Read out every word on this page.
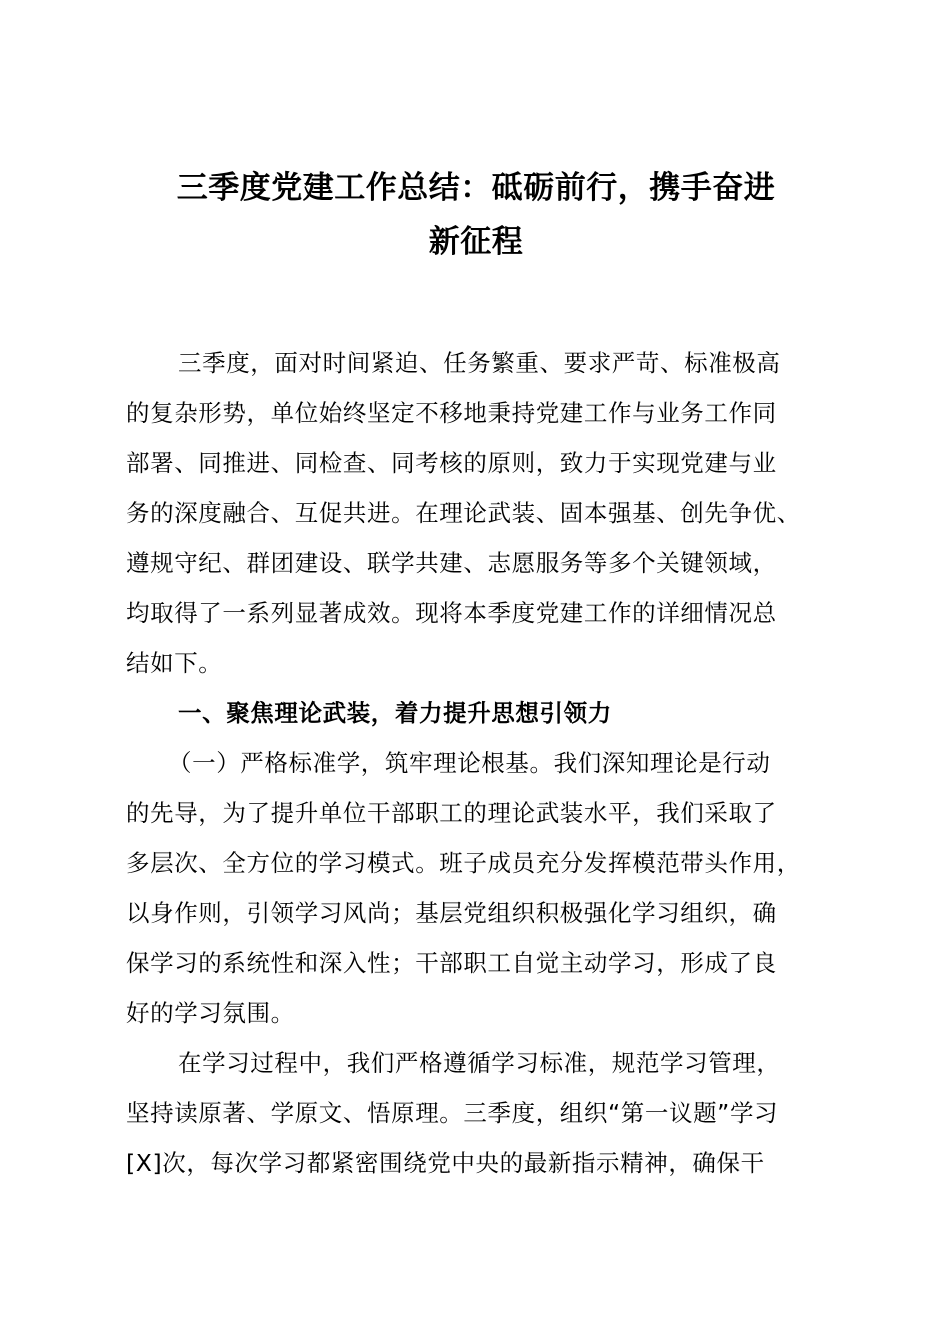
三季度党建工作总结：砥砺前行，携手奋进
新征程
三季度，面对时间紧迫、任务繁重、要求严苛、标准极高
的复杂形势，单位始终坚定不移地秉持党建工作与业务工作同
部署、同推进、同检查、同考核的原则，致力于实现党建与业
务的深度融合、互促共进。在理论武装、固本强基、创先争优、
遵规守纪、群团建设、联学共建、志愿服务等多个关键领域，
均取得了一系列显著成效。现将本季度党建工作的详细情况总
结如下。
一、聚焦理论武装，着力提升思想引领力
（一）严格标准学，筑牢理论根基。我们深知理论是行动
的先导，为了提升单位干部职工的理论武装水平，我们采取了
多层次、全方位的学习模式。班子成员充分发挥模范带头作用，
以身作则，引领学习风尚；基层党组织积极强化学习组织，确
保学习的系统性和深入性；干部职工自觉主动学习，形成了良
好的学习氛围。
在学习过程中，我们严格遵循学习标准，规范学习管理，
坚持读原著、学原文、悟原理。三季度，组织“第一议题”学习
[X]次，每次学习都紧密围绕党中央的最新指示精神，确保干
